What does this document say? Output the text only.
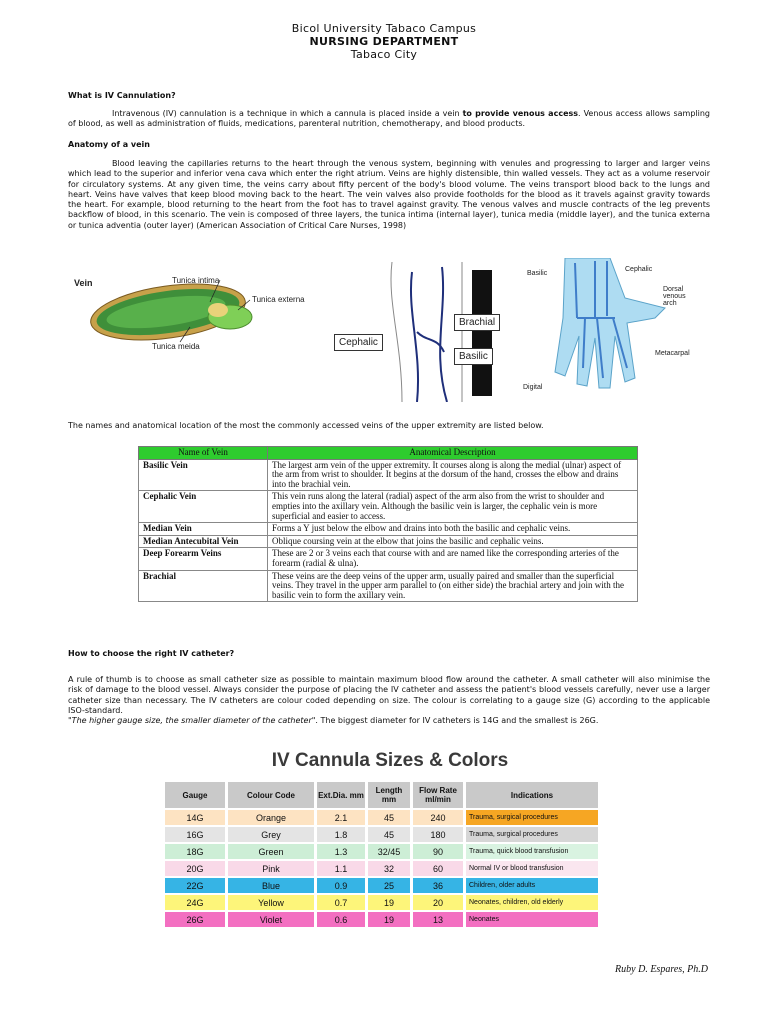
Bicol University Tabaco Campus
NURSING DEPARTMENT
Tabaco City
What is IV Cannulation?
Intravenous (IV) cannulation is a technique in which a cannula is placed inside a vein to provide venous access. Venous access allows sampling of blood, as well as administration of fluids, medications, parenteral nutrition, chemotherapy, and blood products.
Anatomy of a vein
Blood leaving the capillaries returns to the heart through the venous system, beginning with venules and progressing to larger and larger veins which lead to the superior and inferior vena cava which enter the right atrium. Veins are highly distensible, thin walled vessels. They act as a volume reservoir for circulatory systems. At any given time, the veins carry about fifty percent of the body's blood volume. The veins transport blood back to the lungs and heart. Veins have valves that keep blood moving back to the heart. The vein valves also provide footholds for the blood as it travels against gravity towards the heart. For example, blood returning to the heart from the foot has to travel against gravity. The venous valves and muscle contracts of the leg prevents backflow of blood, in this scenario. The vein is composed of three layers, the tunica intima (internal layer), tunica media (middle layer), and the tunica externa or tunica adventia (outer layer) (American Association of Critical Care Nurses, 1998)
Vein	Tunica intima
Tunica externa
Tunica meida	Cephalic
Brachial
Basilic
Basilic
Cephalic
Dorsal venous arch
Metacarpal
Digital
The names and anatomical location of the most the commonly accessed veins of the upper extremity are listed below.
Name of Vein	Anatomical Description
Basilic Vein	The largest arm vein of the upper extremity. It courses along is along the medial (ulnar) aspect of the arm from wrist to shoulder. It begins at the dorsum of the hand, crosses the elbow and drains into the brachial vein.
Cephalic Vein	This vein runs along the lateral (radial) aspect of the arm also from the wrist to shoulder and empties into the axillary vein. Although the basilic vein is larger, the cephalic vein is more superficial and easier to access.
Median Vein	Forms a Y just below the elbow and drains into both the basilic and cephalic veins.
Median Antecubital Vein	Oblique coursing vein at the elbow that joins the basilic and cephalic veins.
Deep Forearm Veins	These are 2 or 3 veins each that course with and are named like the corresponding arteries of the forearm (radial & ulna).
Brachial	These veins are the deep veins of the upper arm, usually paired and smaller than the superficial veins. They travel in the upper arm parallel to (on either side) the brachial artery and join with the basilic vein to form the axillary vein.
How to choose the right IV catheter?
A rule of thumb is to choose as small catheter size as possible to maintain maximum blood flow around the catheter. A small catheter will also minimise the risk of damage to the blood vessel. Always consider the purpose of placing the IV catheter and assess the patient's blood vessels carefully, never use a larger catheter size than necessary. The IV catheters are colour coded depending on size. The colour is correlating to a gauge size (G) according to the applicable ISO-standard.
"The higher gauge size, the smaller diameter of the catheter". The biggest diameter for IV catheters is 14G and the smallest is 26G.
IV Cannula Sizes & Colors
Gauge	Colour Code	Ext.Dia. mm	Length mm	Flow Rate ml/min	Indications
14G	Orange	2.1	45	240	Trauma, surgical procedures
16G	Grey	1.8	45	180	Trauma, surgical procedures
18G	Green	1.3	32/45	90	Trauma, quick blood transfusion
20G	Pink	1.1	32	60	Normal IV or blood transfusion
22G	Blue	0.9	25	36	Children, older adults
24G	Yellow	0.7	19	20	Neonates, children, old elderly
26G	Violet	0.6	19	13	Neonates
Ruby D. Espares, Ph.D
